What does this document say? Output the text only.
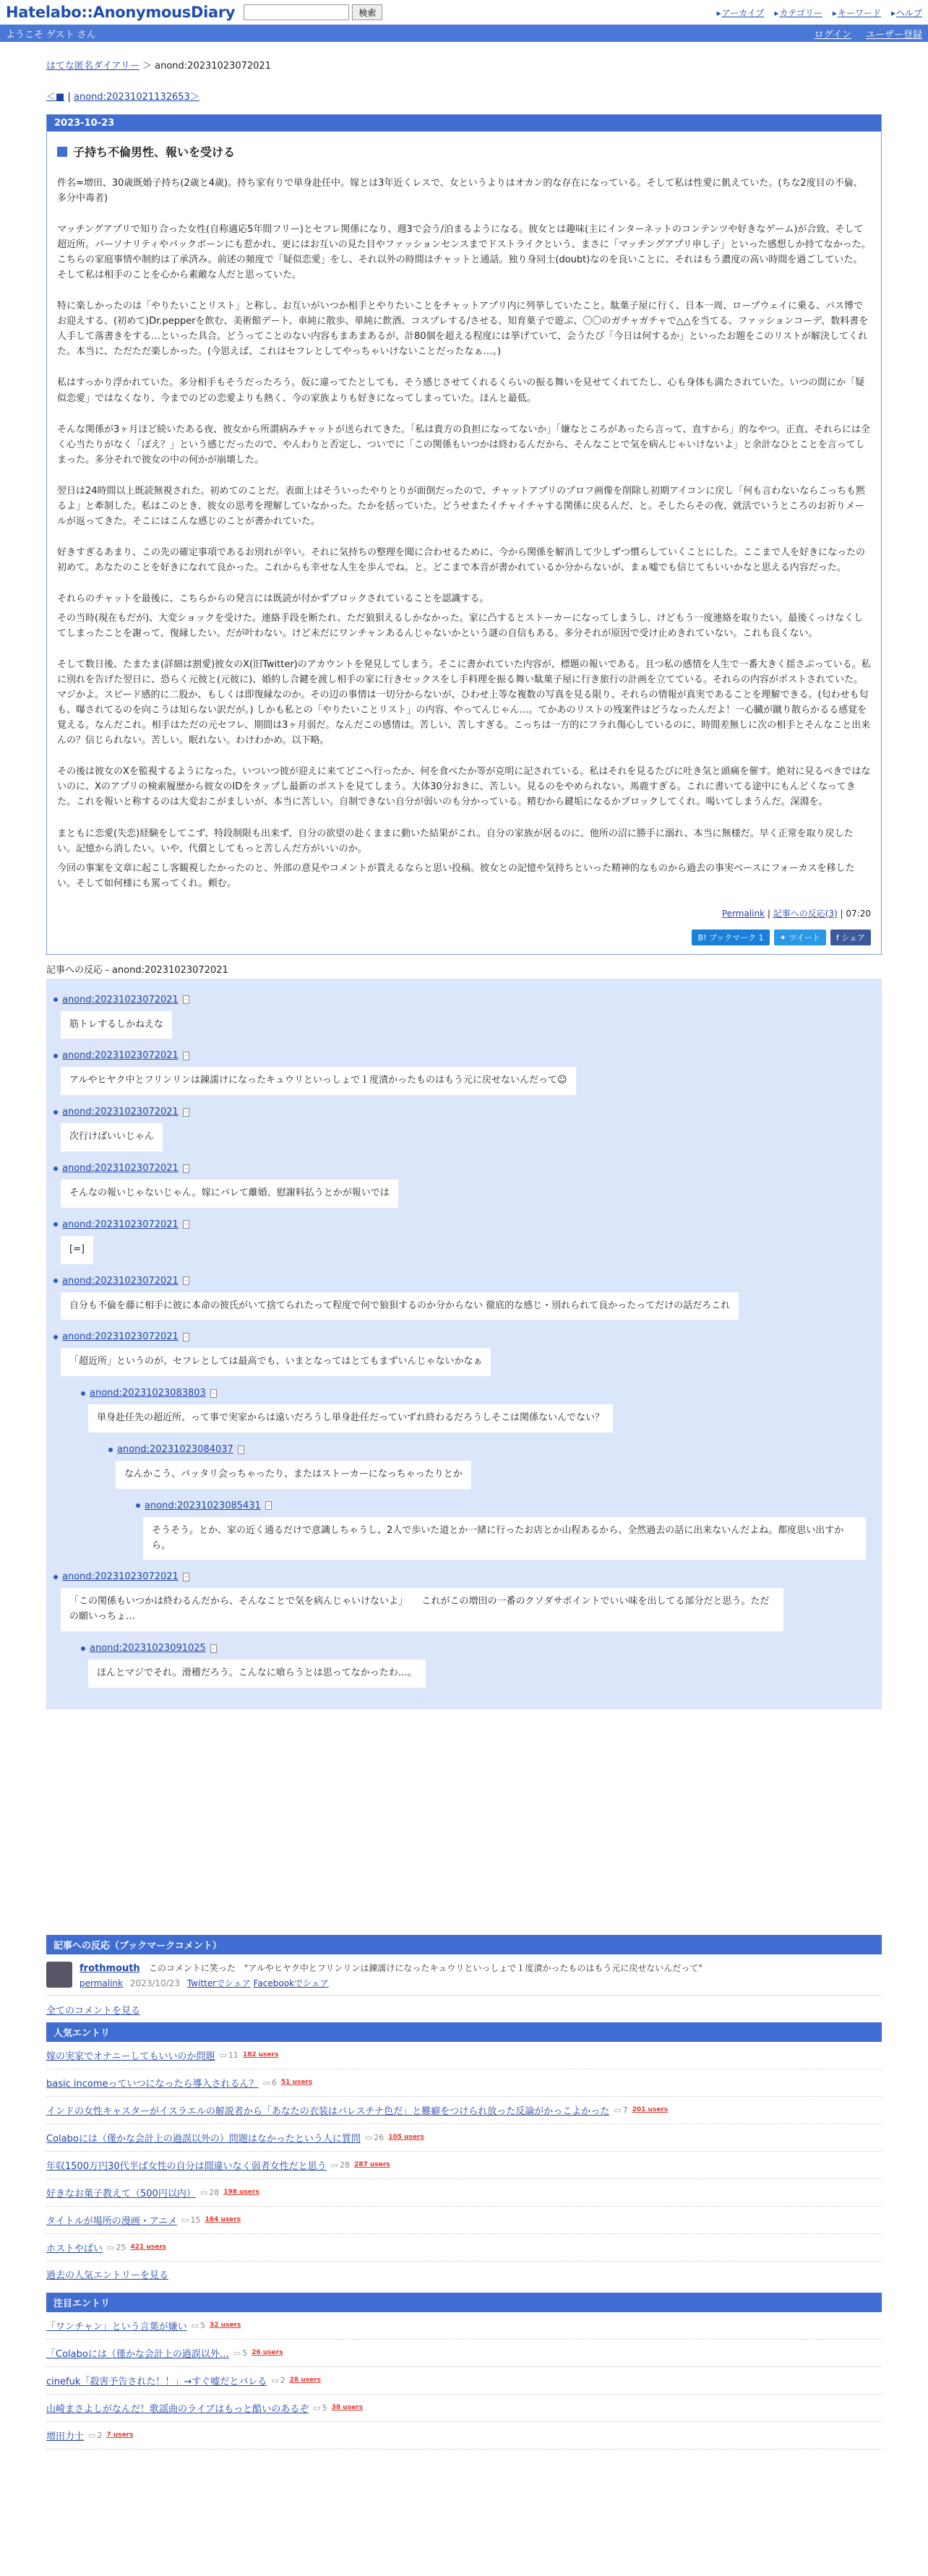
Hatelabo::AnonymousDiary	検索	▸ アーカイブ	▸ カテゴリー	▸ キーワード	▸ ヘルプ
ようこそ ゲスト さん	ログイン ユーザー登録
はてな匿名ダイアリー ＞ anond:20231023072021
＜■ | anond:20231021132653＞
2023-10-23
子持ち不倫男性、報いを受ける

件名=増田、30歳既婚子持ち(2歳と4歳)。持ち家有りで単身赴任中。嫁とは3年近くレスで、女というよりはオカン的な存在になっている。そして私は性愛に飢えていた。(ちな2度目の不倫、多分中毒者)

マッチングアプリで知り合った女性(自称適応5年間フリー)とセフレ関係になり、週3で会う/泊まるようになる。彼女とは趣味(主にインターネットのコンテンツや好きなゲーム)が合致、そして超近所。パーソナリティやバックボーンにも惹かれ、更にはお互いの見た目やファッションセンスまでドストライクという、まさに「マッチングアプリ申し子」といった感想しか持てなかった。こちらの家庭事情や制約は了承済み。前述の頻度で「疑似恋愛」をし、それ以外の時間はチャットと通話。独り身同士(doubt)なのを良いことに、それはもう濃度の高い時間を過ごしていた。そして私は相手のことを心から素敵な人だと思っていた。

特に楽しかったのは「やりたいことリスト」と称し、お互いがいつか相手とやりたいことをチャットアプリ内に列挙していたこと。駄菓子屋に行く、日本一周、ロープウェイに乗る、パス博でお迎えする、(初めて)Dr.pepperを飲む、美術館デート、車純に散歩、単純に飲酒、コスプレする/させる、知育菓子で遊ぶ、〇〇のガチャガチャで△△を当てる、ファッションコーデ、数料書を人手して落書きをする…といった具合。どうってことのない内容もまあまあるが、計80個を超える程度には挙げていて、会うたび「今日は何するか」といったお題をこのリストが解決してくれた。本当に、ただただ楽しかった。(今思えば、これはセフレとしてやっちゃいけないことだったなぁ…。)

私はすっかり浮かれていた。多分相手もそうだったろう。仮に違ってたとしても、そう感じさせてくれるくらいの振る舞いを見せてくれてたし、心も身体も満たされていた。いつの間にか「疑似恋愛」ではなくなり、今までのどの恋愛よりも熱く、今の家族よりも好きになってしまっていた。ほんと最低。

そんな関係が3ヶ月ほど続いたある夜、彼女から所謂病みチャットが送られてきた。「私は貴方の負担になってないか」「嫌なところがあったら言って、直すから」的なやつ。正直、それらには全く心当たりがなく「ぽえ？」という感じだったので、やんわりと否定し、ついでに「この関係もいつかは終わるんだから、そんなことで気を病んじゃいけないよ」と余計なひとことを言ってしまった。多分それで彼女の中の何かが崩壊した。

翌日は24時間以上既読無視された。初めてのことだ。表面上はそういったやりとりが面倒だったので、チャットアプリのプロフ画像を削除し初期アイコンに戻し「何も言わないならこっちも黙るよ」と牽制した。私はこのとき、彼女の思考を理解していなかった。たかを括っていた。どうせまたイチャイチャする関係に戻るんだ、と。そしたらその夜、就活でいうところのお祈りメールが返ってきた。そこにはこんな感じのことが書かれていた。

好きすぎるあまり、この先の確定事項であるお別れが辛い。それに気持ちの整理を聞に合わせるために、今から関係を解消して少しずつ慣らしていくことにした。ここまで人を好きになったの初めて。あなたのことを好きになれて良かった。これからも幸せな人生を歩んでね。と。どこまで本音が書かれているか分からないが、まぁ嘘でも信じてもいいかなと思える内容だった。

それらのチャットを最後に、こちらからの発言には既読が付かずブロックされていることを認識する。

その当時(現在もだが)、大変ショックを受けた。連絡手段を断たれ、ただ狼狽えるしかなかった。家に凸するとストーカーになってしまうし、けどもう一度連絡を取りたい。最後くっけなくしてしまったことを謝って、復縁したい。だが叶わない。けど未だにワンチャンあるんじゃないかという謎の自信もある。多分それが原因で受け止めきれていない。これも良くない。

そして数日後、たまたま(詳細は割愛)彼女のX(旧Twitter)のアカウントを発見してしまう。そこに書かれていた内容が、標題の報いである。且つ私の感情を人生で一番大きく揺さぶっている。私に別れを告げた翌日に、恐らく元彼と(元彼に)、婚約し合鍵を渡し相手の家に行きセックスをし手料理を振る舞い駄菓子屋に行き旅行の計画を立てている。それらの内容がポストされていた。マジかよ。スピード感的に二股か、もしくは即復縁なのか。その辺の事情は一切分からないが、ひわせ上等な複数の写真を見る限り、それらの情報が真実であることを理解できる。(匂わせも匂も、曝されてるのを向こうは知らない訳だが。) しかも私との「やりたいことリスト」の内容、やってんじゃん…。てかあのリストの残案件はどうなったんだよ！一心臓が蹴り散らかるる感覚を覚える。なんだこれ。相手はただの元セフレ、期間は3ヶ月弱だ。なんだこの感情は。苦しい、苦しすぎる。こっちは一方的にフラれ傷心しているのに、時間差無しに次の相手とそんなこと出来んの？信じられない。苦しい。眠れない。わけわかめ。以下略。

その後は彼女のXを監視するようになった。いついつ彼が迎えに来てどこへ行ったか、何を食べたか等が克明に記されている。私はそれを見るたびに吐き気と頭痛を催す。絶対に見るべきではないのに、Xのアプリの検索履歴から彼女のIDをタップし最新のポストを見てしまう。大体30分おきに、苦しい。見るのをやめられない。馬鹿すぎる。これに書いてる途中にもんどくなってきた。これを報いと称するのは大変おこがましいが、本当に苦しい。自制できない自分が弱いのも分かっている。精むから鍵垢になるかブロックしてくれ。喝いてしまうんだ。深淵を。

まともに恋愛(失恋)経験をしてこず、特段制限も出来ず、自分の欲望の赴くままに動いた結果がこれ。自分の家族が居るのに、他所の沼に勝手に溺れ、本当に無様だ。早く正常を取り戻したい。記憶から消したい。いや、代償としてもっと苦しんだ方がいいのか。

今回の事案を文章に起こし客観視したかったのと、外部の意見やコメントが貰えるならと思い投稿。彼女との記憶や気持ちといった精神的なものから過去の事実ベースにフォーカスを移したい。そして如何様にも罵ってくれ。頼む。

Permalink | 記事への反応(3) | 07:20
B! ブックマーク 1	✦ ツイート	f シェア
記事への反応 - anond:20231023072021
anond:20231023072021	-
筋トレするしかねえな
anond:20231023072021	-
アルやヒヤク中とフリンリンは錬濡けになったキュウリといっしょで１度漬かったものはもう元に戻せないんだって☺
anond:20231023072021	-
次行けばいいじゃん
anond:20231023072021	-
そんなの報いじゃないじゃん。嫁にバレて離婚、慰謝料払うとかが報いでは
anond:20231023072021	-
[=]
anond:20231023072021	-
自分も不倫を藤に相手に彼に本命の彼氏がいて捨てられたって程度で何で狼狽するのか分からない 徹底的な感じ・別れられて良かったってだけの話だろこれ
anond:20231023072021	-
「超近所」というのが、セフレとしては最高でも、いまとなってはとてもまずいんじゃないかなぁ
anond:20231023083803	-
単身赴任先の超近所、って事で実家からは遠いだろうし単身赴任だっていずれ終わるだろうしそこは関係ないんでない？
anond:20231023084037	-
なんかこう、バッタリ会っちゃったり、またはストーカーになっちゃったりとか
anond:20231023085431	-
そうそう。とか、家の近く通るだけで意識しちゃうし、2人で歩いた道とか一緒に行ったお店とか山程あるから、全然過去の話に出来ないんだよね。都度思い出すから。
anond:20231023072021	-
「この関係もいつかは終わるんだから、そんなことで気を病んじゃいけないよ」　　これがこの増田の一番のクソダサポイントでいい味を出してる部分だと思う。ただの願いっちょ…
anond:20231023091025	-
ほんとマジでそれ。滑稽だろう。こんなに喰らうとは思ってなかったわ…。
記事への反応（ブックマークコメント）
frothmouth このコメントに笑った　"アルやヒヤク中とフリンリンは錬濡けになったキュウリといっしょで１度漬かったものはもう元に戻せないんだって"
permalink 2023/10/23 Twitterでシェア Facebookでシェア
全てのコメントを見る
人気エントリ
嫁の実家でオナニーしてもいいのか問題	▭ 11 182 users
basic incomeっていつになったら導入されるん？	▭ 6 51 users
インドの女性キャスターがイスラエルの解説者から「あなたの衣装はパレスチナ色だ」と難癖をつけられ放った反論がかっこよかった	▭ 7 201 users
Colaboには（僅かな会計上の過誤以外の）問題はなかったという人に質問	▭ 26 105 users
年収1500万円30代半ば女性の自分は間違いなく弱者女性だと思う	▭ 28 287 users
好きなお菓子教えて（500円以内）	▭ 28 198 users
タイトルが場所の漫画・アニメ	▭ 15 164 users
ホストやばい	▭ 25 421 users
過去の人気エントリーを見る
注目エントリ
「ワンチャン」という言葉が嫌い	▭ 5 32 users
「Colaboには（僅かな会計上の過誤以外…	▭ 5 26 users
cinefuk「殺害予告された！！」→すぐ嘘だとバレる	▭ 2 28 users
山崎まさよしがなんだ！歌謡曲のライブはもっと酷いのあるぞ	▭ 5 38 users
増田力士	▭ 2 7 users
